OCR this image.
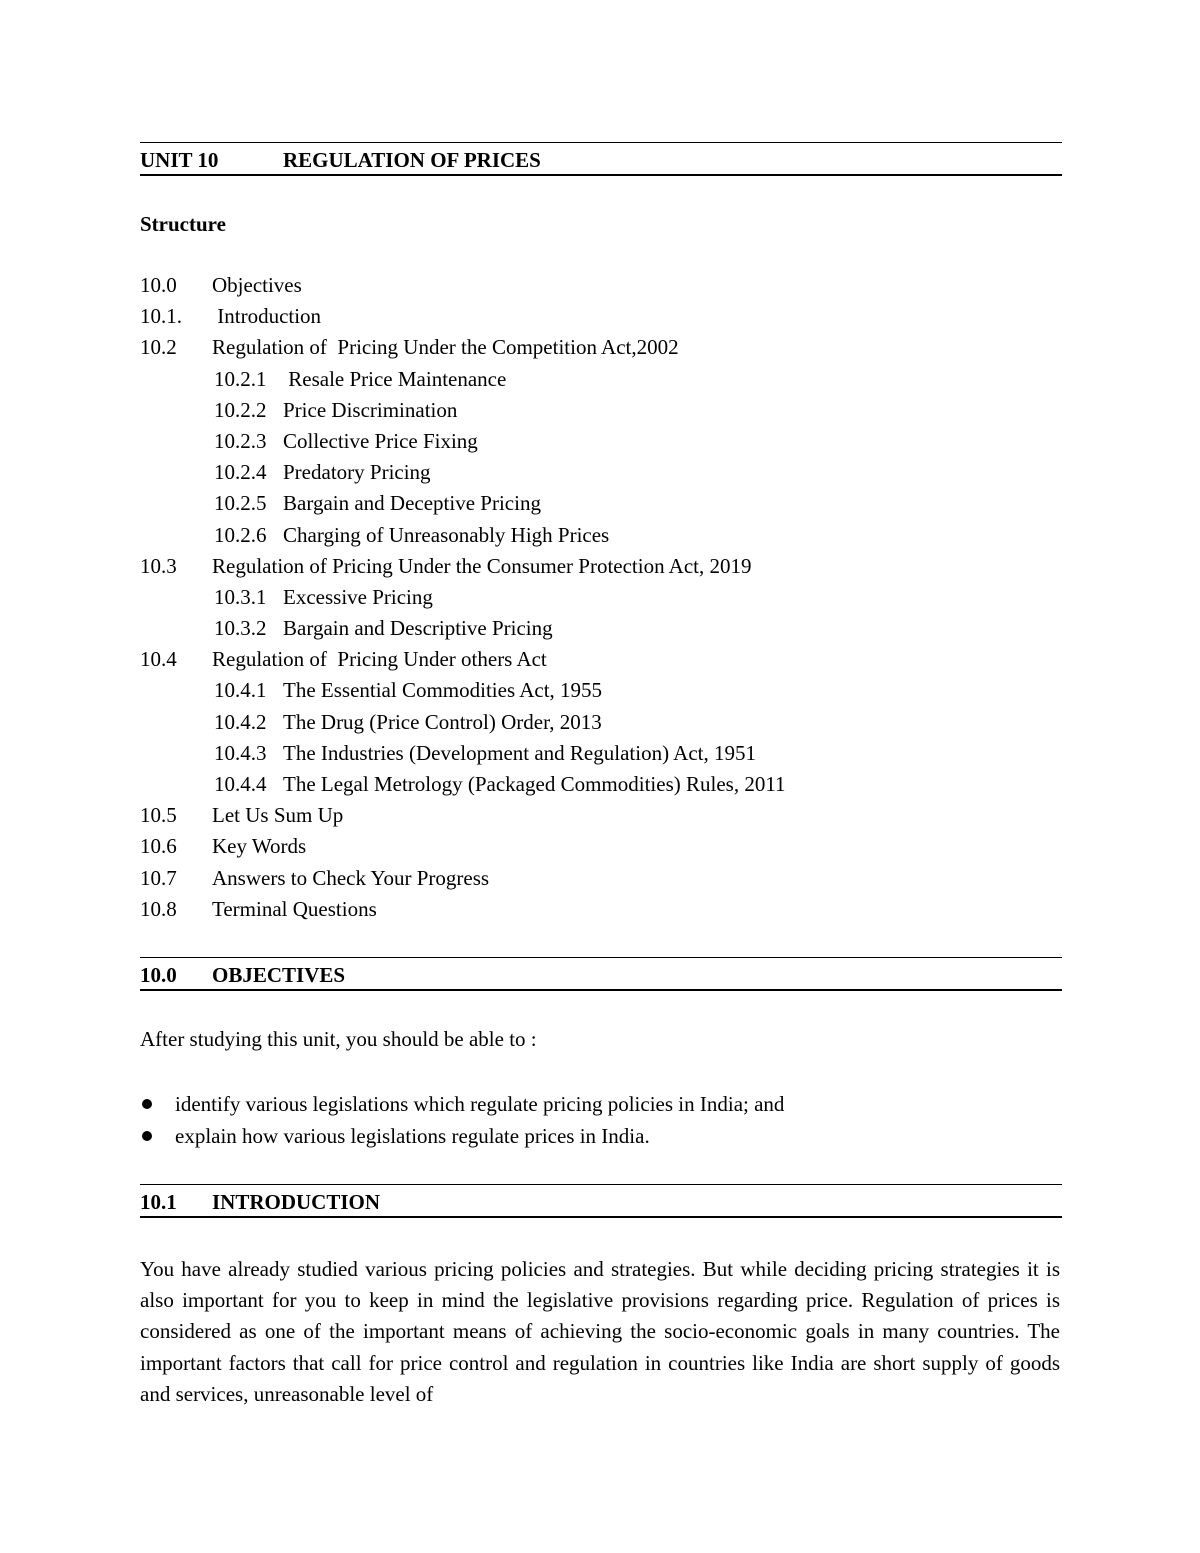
UNIT 10	REGULATION OF PRICES
Structure
10.0 Objectives
10.1. Introduction
10.2 Regulation of  Pricing Under the Competition Act,2002
10.2.1 Resale Price Maintenance
10.2.2 Price Discrimination
10.2.3 Collective Price Fixing
10.2.4 Predatory Pricing
10.2.5 Bargain and Deceptive Pricing
10.2.6 Charging of Unreasonably High Prices
10.3 Regulation of Pricing Under the Consumer Protection Act, 2019
10.3.1 Excessive Pricing
10.3.2 Bargain and Descriptive Pricing
10.4 Regulation of  Pricing Under others Act
10.4.1 The Essential Commodities Act, 1955
10.4.2 The Drug (Price Control) Order, 2013
10.4.3 The Industries (Development and Regulation) Act, 1951
10.4.4 The Legal Metrology (Packaged Commodities) Rules, 2011
10.5 Let Us Sum Up
10.6 Key Words
10.7 Answers to Check Your Progress
10.8 Terminal Questions
10.0 OBJECTIVES
After studying this unit, you should be able to :
identify various legislations which regulate pricing policies in India; and
explain how various legislations regulate prices in India.
10.1 INTRODUCTION

You have already studied various pricing policies and strategies. But while deciding pricing strategies it is also important for you to keep in mind the legislative provisions regarding price. Regulation of prices is considered as one of the important means of achieving the socio-economic goals in many countries. The important factors that call for price control and regulation in countries like India are short supply of goods and services, unreasonable level of
